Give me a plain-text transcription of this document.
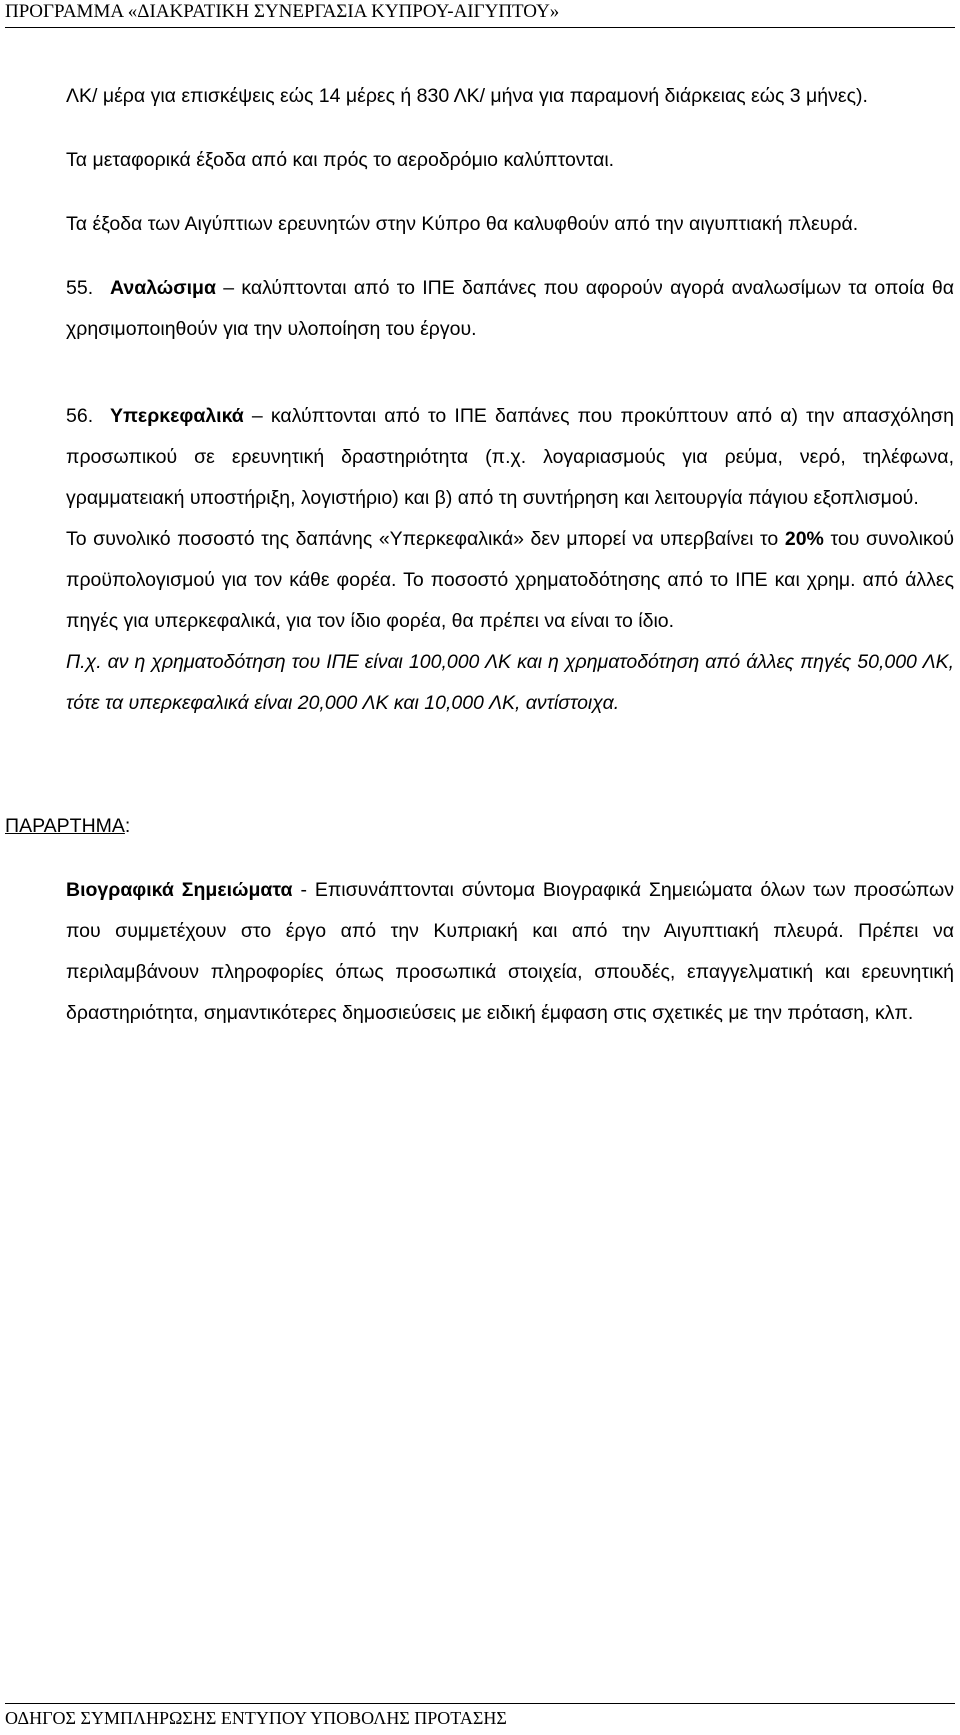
ΠΡΟΓΡΑΜΜΑ «ΔΙΑΚΡΑΤΙΚΗ ΣΥΝΕΡΓΑΣΙΑ ΚΥΠΡΟΥ-ΑΙΓΥΠΤΟΥ»

ΛΚ/ μέρα για επισκέψεις εώς 14 μέρες ή 830 ΛΚ/ μήνα για παραμονή διάρκειας εώς 3 μήνες).

Τα μεταφορικά έξοδα από και πρός το αεροδρόμιο καλύπτονται.

Τα έξοδα των Αιγύπτιων ερευνητών στην Κύπρο θα καλυφθούν από την αιγυπτιακή πλευρά.

55. Αναλώσιμα – καλύπτονται από το ΙΠΕ δαπάνες που αφορούν αγορά αναλωσίμων τα οποία θα χρησιμοποιηθούν για την υλοποίηση του έργου.

56. Υπερκεφαλικά – καλύπτονται από το ΙΠΕ δαπάνες που προκύπτουν από α) την απασχόληση προσωπικού σε ερευνητική δραστηριότητα (π.χ. λογαριασμούς για ρεύμα, νερό, τηλέφωνα, γραμματειακή υποστήριξη, λογιστήριο) και β) από τη συντήρηση και λειτουργία πάγιου εξοπλισμού.

Το συνολικό ποσοστό της δαπάνης «Υπερκεφαλικά» δεν μπορεί να υπερβαίνει το 20% του συνολικού προϋπολογισμού για τον κάθε φορέα. Το ποσοστό χρηματοδότησης από το ΙΠΕ και χρημ. από άλλες πηγές για υπερκεφαλικά, για τον ίδιο φορέα, θα πρέπει να είναι το ίδιο.

Π.χ. αν η χρηματοδότηση του ΙΠΕ είναι 100,000 ΛΚ και η χρηματοδότηση από άλλες πηγές 50,000 ΛΚ, τότε τα υπερκεφαλικά είναι 20,000 ΛΚ και 10,000 ΛΚ, αντίστοιχα.

ΠΑΡΑΡΤΗΜΑ:

Βιογραφικά Σημειώματα - Επισυνάπτονται σύντομα Βιογραφικά Σημειώματα όλων των προσώπων που συμμετέχουν στο έργο από την Κυπριακή και από την Αιγυπτιακή πλευρά. Πρέπει να περιλαμβάνουν πληροφορίες όπως προσωπικά στοιχεία, σπουδές, επαγγελματική και ερευνητική δραστηριότητα, σημαντικότερες δημοσιεύσεις με ειδική έμφαση στις σχετικές με την πρόταση, κλπ.

ΟΔΗΓΟΣ ΣΥΜΠΛΗΡΩΣΗΣ ΕΝΤΥΠΟΥ ΥΠΟΒΟΛΗΣ ΠΡΟΤΑΣΗΣ
